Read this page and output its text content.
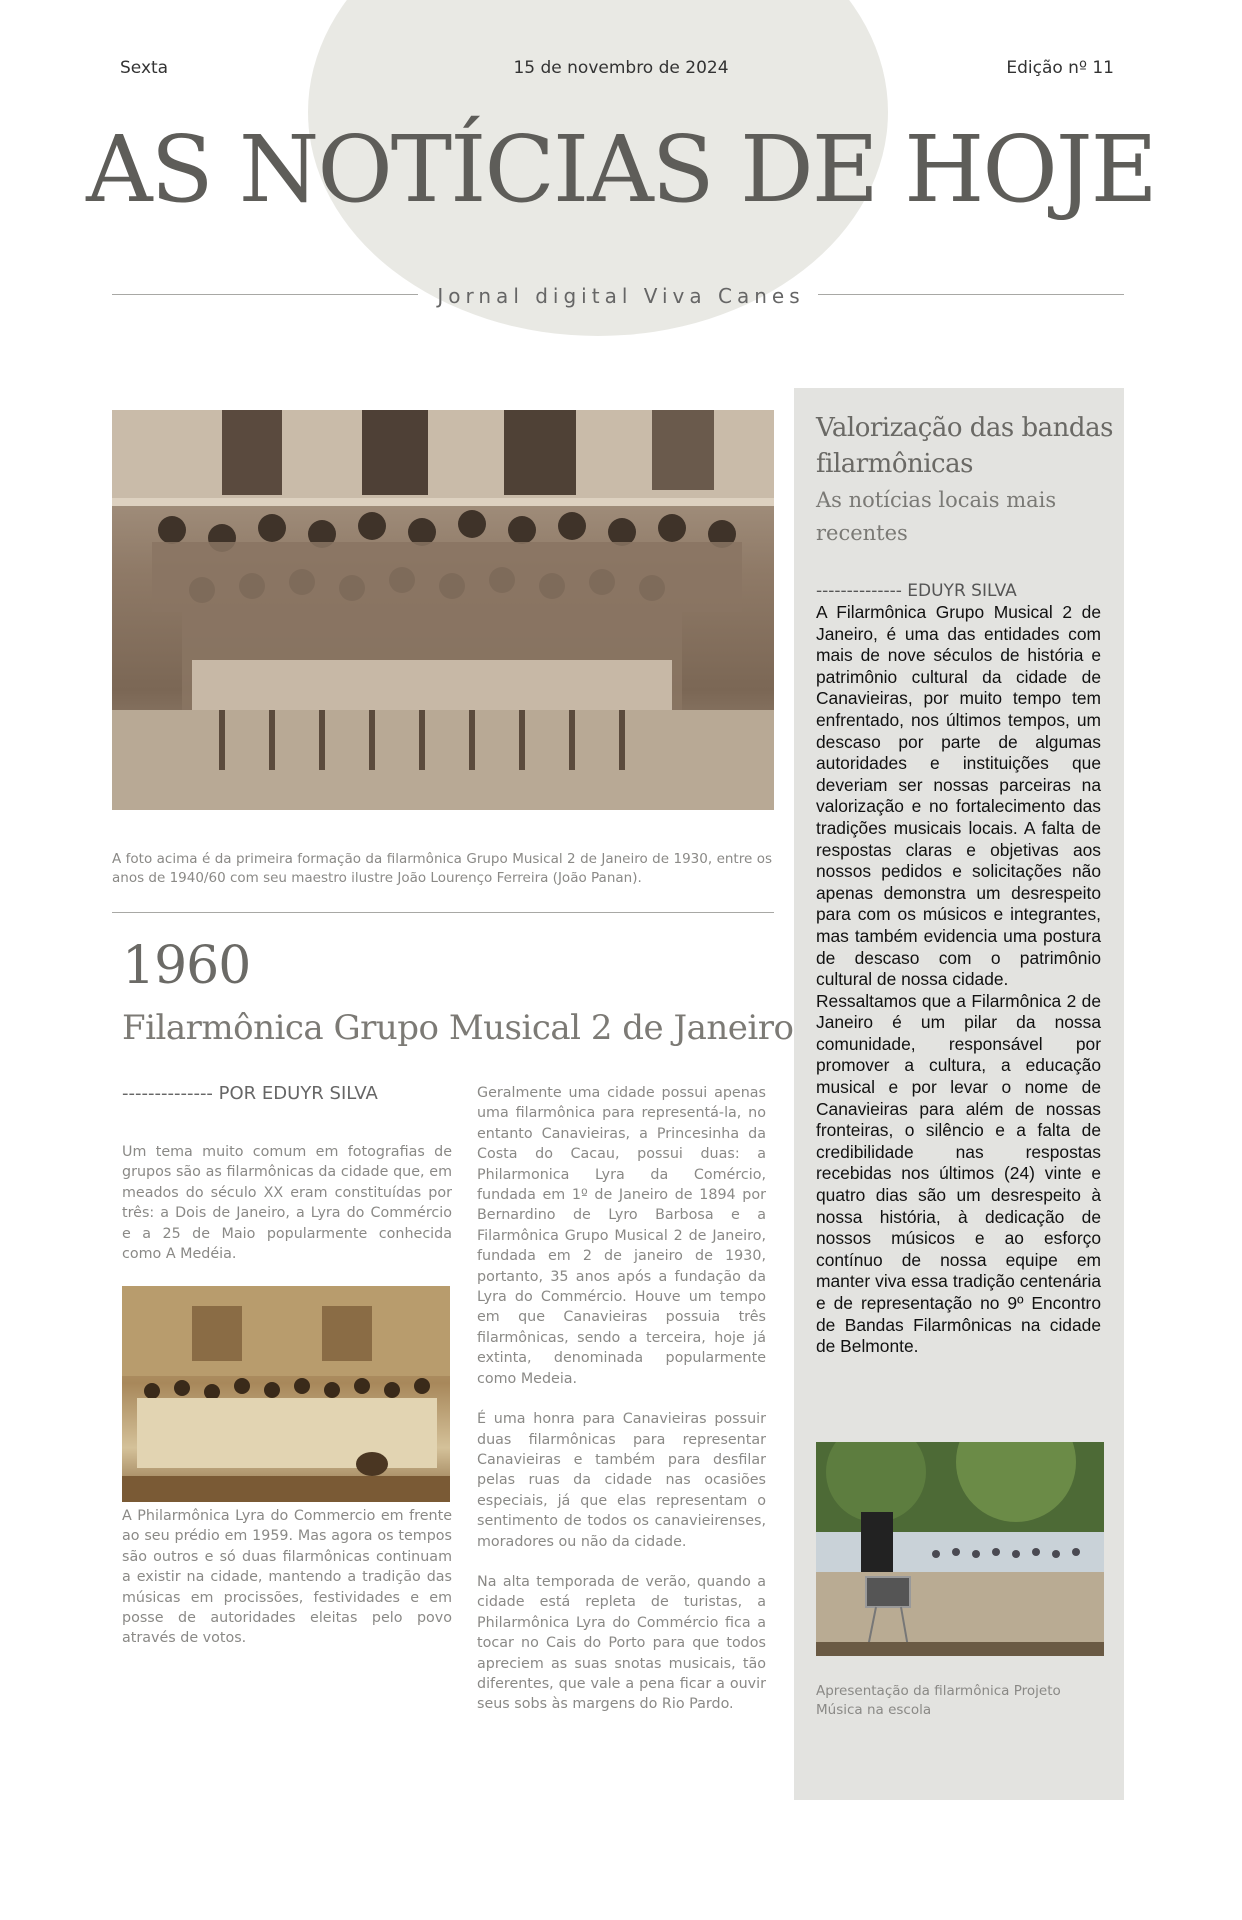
Sexta	15 de novembro de 2024	Edição nº 11
AS NOTÍCIAS DE HOJE
Jornal digital Viva Canes
A foto acima é da primeira formação da filarmônica Grupo Musical 2 de Janeiro de 1930, entre os anos de 1940/60 com seu maestro ilustre João Lourenço Ferreira (João Panan).
1960
Filarmônica Grupo Musical 2 de Janeiro
-------------- POR EDUYR SILVA

Um tema muito comum em fotografias de grupos são as filarmônicas da cidade que, em meados do século XX eram constituídas por três: a Dois de Janeiro, a Lyra do Commércio e a 25 de Maio popularmente conhecida como A Medéia.

A Philarmônica Lyra do Commercio em frente ao seu prédio em 1959. Mas agora os tempos são outros e só duas filarmônicas continuam a existir na cidade, mantendo a tradição das músicas em procissões, festividades e em posse de autoridades eleitas pelo povo através de votos.

Geralmente uma cidade possui apenas uma filarmônica para representá-la, no entanto Canavieiras, a Princesinha da Costa do Cacau, possui duas: a Philarmonica Lyra da Comércio, fundada em 1º de Janeiro de 1894 por Bernardino de Lyro Barbosa e a Filarmônica Grupo Musical 2 de Janeiro, fundada em 2 de janeiro de 1930, portanto, 35 anos após a fundação da Lyra do Commércio. Houve um tempo em que Canavieiras possuia três filarmônicas, sendo a terceira, hoje já extinta, denominada popularmente como Medeia.

É uma honra para Canavieiras possuir duas filarmônicas para representar Canavieiras e também para desfilar pelas ruas da cidade nas ocasiões especiais, já que elas representam o sentimento de todos os canavieirenses, moradores ou não da cidade.

Na alta temporada de verão, quando a cidade está repleta de turistas, a Philarmônica Lyra do Commércio fica a tocar no Cais do Porto para que todos apreciem as suas snotas musicais, tão diferentes, que vale a pena ficar a ouvir seus sobs às margens do Rio Pardo.

Valorização das bandas filarmônicas
As notícias locais mais recentes
-------------- EDUYR SILVA

A Filarmônica Grupo Musical 2 de Janeiro, é uma das entidades com mais de nove séculos de história e patrimônio cultural da cidade de Canavieiras, por muito tempo tem enfrentado, nos últimos tempos, um descaso por parte de algumas autoridades e instituições que deveriam ser nossas parceiras na valorização e no fortalecimento das tradições musicais locais. A falta de respostas claras e objetivas aos nossos pedidos e solicitações não apenas demonstra um desrespeito para com os músicos e integrantes, mas também evidencia uma postura de descaso com o patrimônio cultural de nossa cidade.

Ressaltamos que a Filarmônica 2 de Janeiro é um pilar da nossa comunidade, responsável por promover a cultura, a educação musical e por levar o nome de Canavieiras para além de nossas fronteiras, o silêncio e a falta de credibilidade nas respostas recebidas nos últimos (24) vinte e quatro dias são um desrespeito à nossa história, à dedicação de nossos músicos e ao esforço contínuo de nossa equipe em manter viva essa tradição centenária e de representação no 9º Encontro de Bandas Filarmônicas na cidade de Belmonte.

Apresentação da filarmônica Projeto Música na escola
